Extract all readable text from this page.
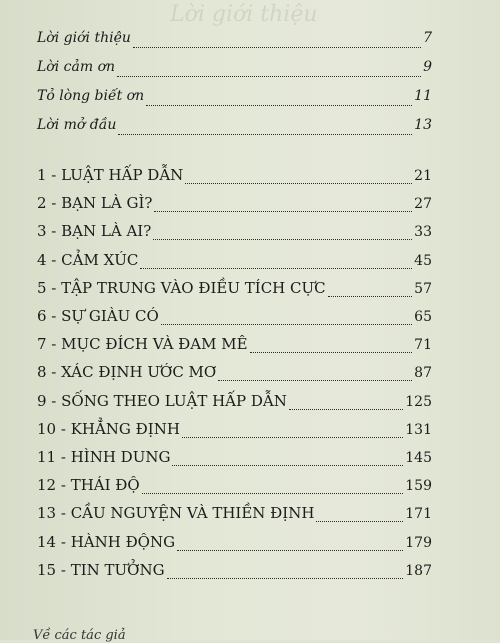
Lời giới thiệu
Lời giới thiệu	7
Lời cảm ơn	9
Tỏ lòng biết ơn	11
Lời mở đầu	13
1 - LUẬT HẤP DẪN	21
2 - BẠN LÀ GÌ?	27
3 - BẠN LÀ AI?	33
4 - CẢM XÚC	45
5 - TẬP TRUNG VÀO ĐIỀU TÍCH CỰC	57
6 - SỰ GIÀU CÓ	65
7 - MỤC ĐÍCH VÀ ĐAM MÊ	71
8 - XÁC ĐỊNH ƯỚC MƠ	87
9 - SỐNG THEO LUẬT HẤP DẪN	125
10 - KHẲNG ĐỊNH	131
11 - HÌNH DUNG	145
12 - THÁI ĐỘ	159
13 - CẦU NGUYỆN VÀ THIỀN ĐỊNH	171
14 - HÀNH ĐỘNG	179
15 - TIN TƯỞNG	187
Về các tác giả
